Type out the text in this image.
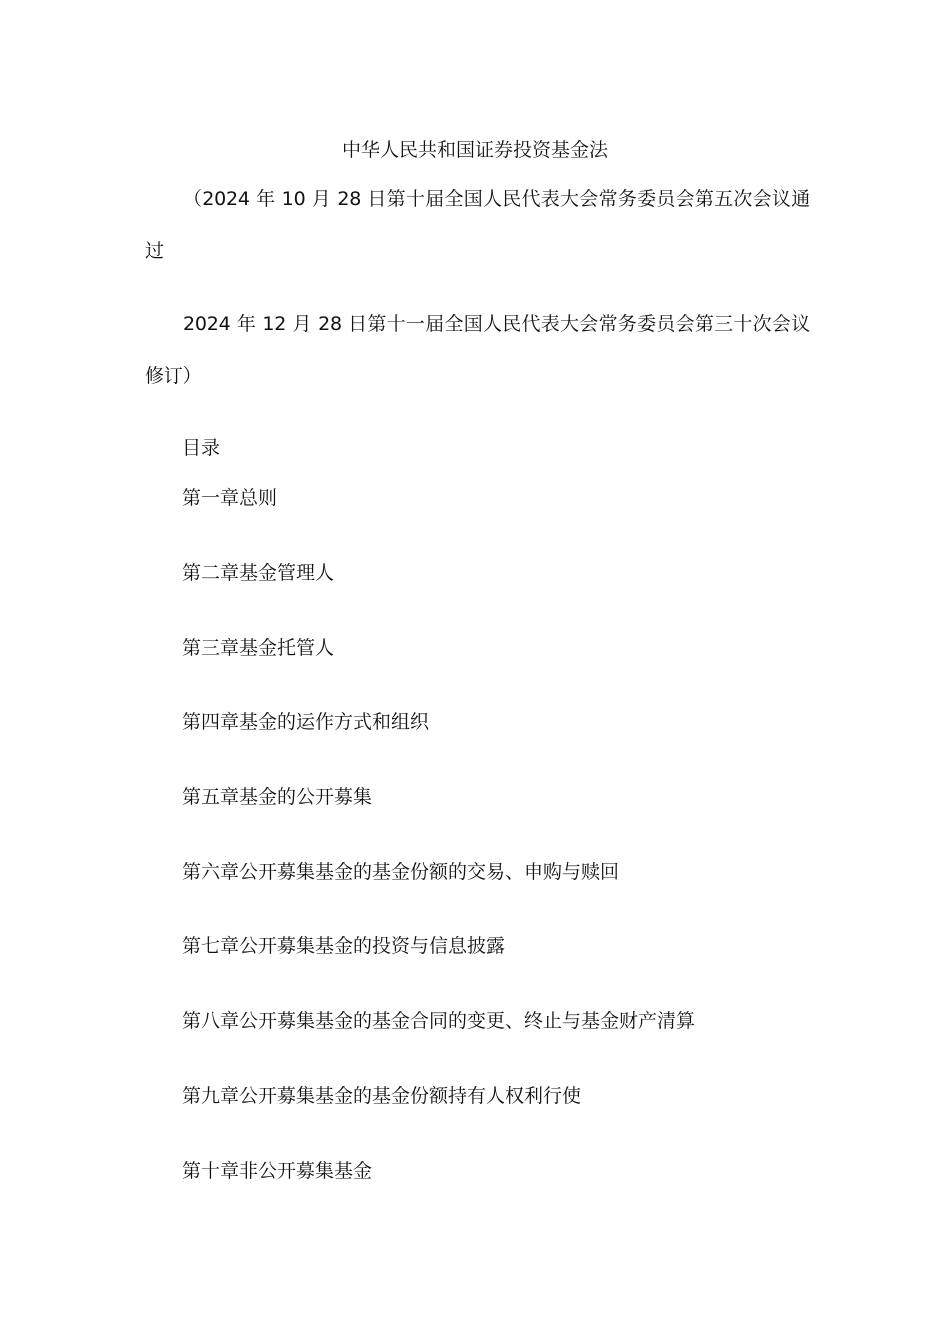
中华人民共和国证券投资基金法
（2024 年 10 月 28 日第十届全国人民代表大会常务委员会第五次会议通过
2024 年 12 月 28 日第十一届全国人民代表大会常务委员会第三十次会议修订）
目录
第一章总则
第二章基金管理人
第三章基金托管人
第四章基金的运作方式和组织
第五章基金的公开募集
第六章公开募集基金的基金份额的交易、申购与赎回
第七章公开募集基金的投资与信息披露
第八章公开募集基金的基金合同的变更、终止与基金财产清算
第九章公开募集基金的基金份额持有人权利行使
第十章非公开募集基金
